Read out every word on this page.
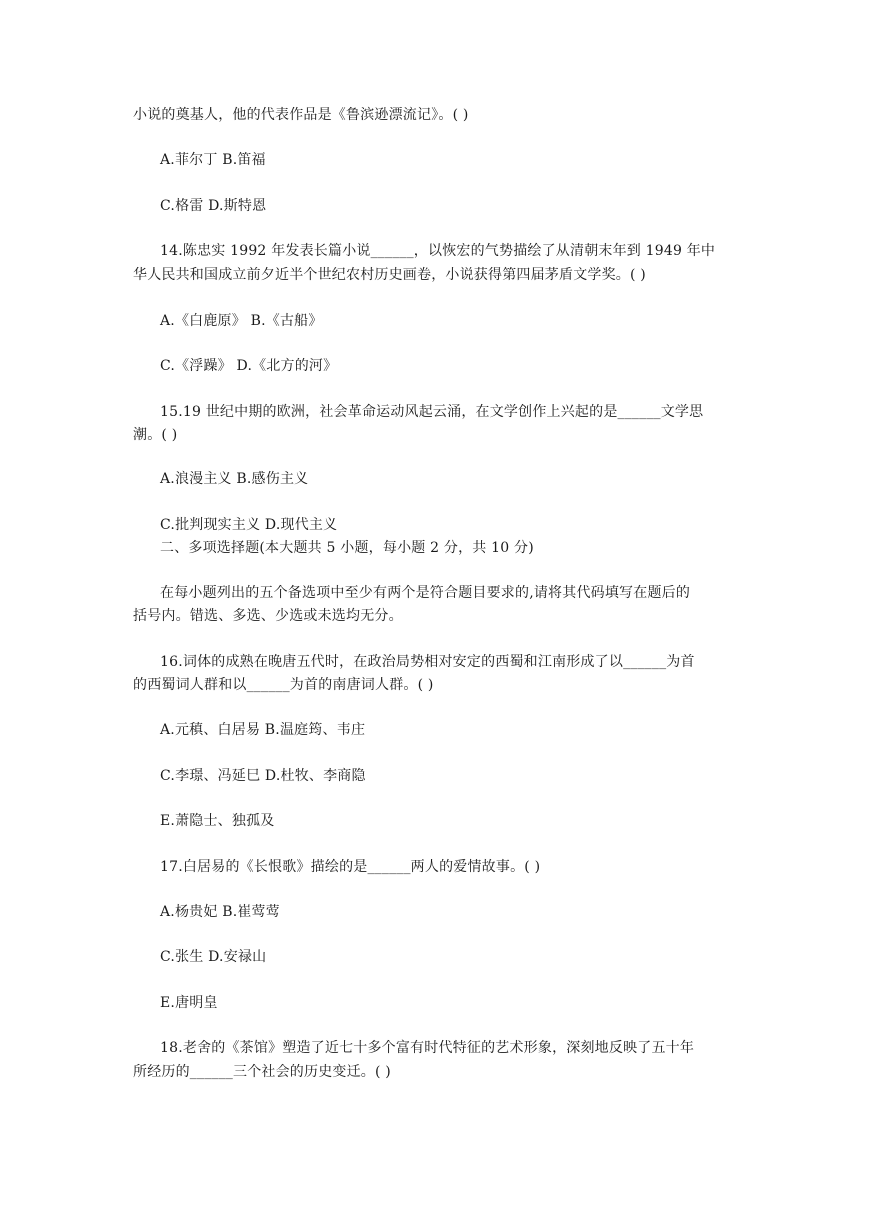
小说的奠基人，他的代表作品是《鲁滨逊漂流记》。( )
A.菲尔丁 B.笛福
C.格雷 D.斯特恩
14.陈忠实 1992 年发表长篇小说______，以恢宏的气势描绘了从清朝末年到 1949 年中
华人民共和国成立前夕近半个世纪农村历史画卷，小说获得第四届茅盾文学奖。( )
A.《白鹿原》 B.《古船》
C.《浮躁》 D.《北方的河》
15.19 世纪中期的欧洲，社会革命运动风起云涌，在文学创作上兴起的是______文学思
潮。( )
A.浪漫主义 B.感伤主义
C.批判现实主义 D.现代主义
二、多项选择题(本大题共 5 小题，每小题 2 分，共 10 分)
在每小题列出的五个备选项中至少有两个是符合题目要求的,请将其代码填写在题后的
括号内。错选、多选、少选或未选均无分。
16.词体的成熟在晚唐五代时，在政治局势相对安定的西蜀和江南形成了以______为首
的西蜀词人群和以______为首的南唐词人群。( )
A.元稹、白居易 B.温庭筠、韦庄
C.李璟、冯延巳 D.杜牧、李商隐
E.萧隐士、独孤及
17.白居易的《长恨歌》描绘的是______两人的爱情故事。( )
A.杨贵妃 B.崔莺莺
C.张生 D.安禄山
E.唐明皇
18.老舍的《茶馆》塑造了近七十多个富有时代特征的艺术形象，深刻地反映了五十年
所经历的______三个社会的历史变迁。( )
